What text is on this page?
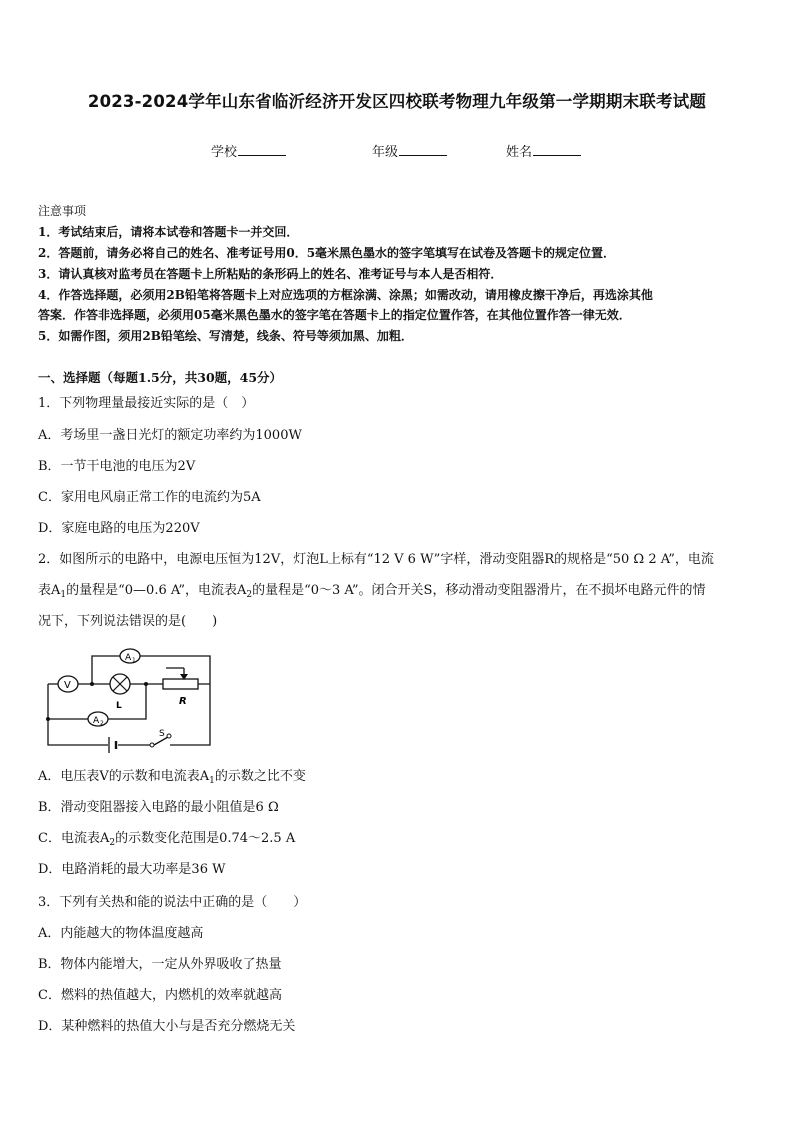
2023-2024学年山东省临沂经济开发区四校联考物理九年级第一学期期末联考试题
学校	年级	姓名
注意事项
1．考试结束后，请将本试卷和答题卡一并交回．
2．答题前，请务必将自己的姓名、准考证号用0．5毫米黑色墨水的签字笔填写在试卷及答题卡的规定位置．
3．请认真核对监考员在答题卡上所粘贴的条形码上的姓名、准考证号与本人是否相符．
4．作答选择题，必须用2B铅笔将答题卡上对应选项的方框涂满、涂黑；如需改动，请用橡皮擦干净后，再选涂其他
答案．作答非选择题，必须用05毫米黑色墨水的签字笔在答题卡上的指定位置作答，在其他位置作答一律无效．
5．如需作图，须用2B铅笔绘、写清楚，线条、符号等须加黑、加粗．
一、选择题（每题1.5分，共30题，45分）
1．下列物理量最接近实际的是（　）
A．考场里一盏日光灯的额定功率约为1000W
B．一节干电池的电压为2V
C．家用电风扇正常工作的电流约为5A
D．家庭电路的电压为220V
2．如图所示的电路中，电源电压恒为12V，灯泡L上标有“12 V 6 W”字样，滑动变阻器R的规格是“50 Ω 2 A”，电流
表$A_1$的量程是“0—0.6 A”，电流表$A_2$的量程是“0～3 A”。闭合开关S，移动滑动变阻器滑片，在不损坏电路元件的情
况下，下列说法错误的是(　　)
A 1
A 2
V
L	R
S
A．电压表V的示数和电流表$A_1$的示数之比不变
B．滑动变阻器接入电路的最小阻值是6 Ω
C．电流表$A_2$的示数变化范围是0.74～2.5 A
D．电路消耗的最大功率是36 W
3．下列有关热和能的说法中正确的是（　　）
A．内能越大的物体温度越高
B．物体内能增大，一定从外界吸收了热量
C．燃料的热值越大，内燃机的效率就越高
D．某种燃料的热值大小与是否充分燃烧无关
